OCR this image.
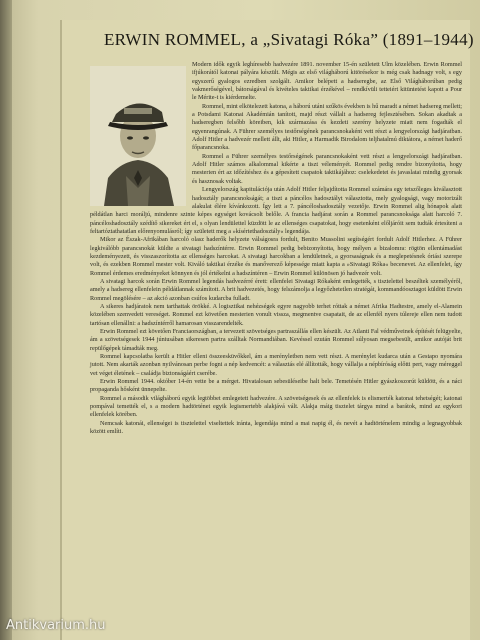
ERWIN ROMMEL, a „Sivatagi Róka” (1891–1944)

Modern idők egyik leghíresebb hadvezére 1891. november 15-én született Ulm közelében. Erwin Rommel ifjúkorától katonai pályára készült. Mégis az első világháború kitörésekor is még csak hadnagy volt, s egy egyszerű gyalogos ezredben szolgált. Amikor belépett a hadseregbe, az Első Világháborúban pedig vakmerőségével, bátorságával és kivételes taktikai érzékével – rendkívüli tetteiért kitüntetést kapott a Pour le Mérite-t is kiérdemelte.

Rommel, mint elkötelezett katona, a háború utáni szűkös években is hű maradt a német hadsereg mellett; a Potsdami Katonai Akadémián tanított, majd részt vállalt a hadsereg fejlesztésében. Sokan akadtak a hadseregben felsőbb köreiben, kik származása és kezdeti szerény helyzete miatt nem fogadták el egyenrangúnak. A Führer személyes testőrségének parancsnokaként vett részt a lengyelországi hadjáratban. Adolf Hitler a hadvezér mellett állt, aki Hitler, a Harmadik Birodalom teljhatalmú diktátora, a német haderő főparancsnoka.

Rommel a Führer személyes testőrségének parancsnokaként vett részt a lengyelországi hadjáratban. Adolf Hitler számos alkalommal kikérte a tiszt véleményét. Rommel pedig rendre bizonyította, hogy mesterien ért az időzítéshez és a gépesített csapatok taktikájához: cselekedetei és javaslatai mindig gyorsak és hasznosak voltak.

Lengyelország kapitulációja után Adolf Hitler feljajdította Rommel számára egy tetszőleges kiválasztott hadosztály parancsnokságát; a tiszt a páncélos hadosztályt választotta, mely gyalogsági, vagy motorizált alakulat élére kívánkozott. Így lett a 7. páncéloshadosztály vezetője. Erwin Rommel alig hónapok alatt példátlan harci moráljú, mindenre szinte képes egységet kovácsolt belőle. A francia hadjárat során a Rommel parancsnoksága alatt harcoló 7. páncéloshadosztály szédítő sikereket ért el, s olyan lendülettel küzdött le az ellenséges csapatokat, hogy esetenként előljáróit sem tudták értesíteni a feltartóztathatatlan előrenyomulásról; így született meg a »kísértethadosztály« legendája.

Mikor az Észak-Afrikában harcoló olasz haderők helyzete válságosra fordult, Benito Mussolini segítségért fordult Adolf Hitlerhez. A Führer legkiválóbb parancsnokát küldte a sivatagi hadszíntérre. Erwin Rommel pedig bebizonyította, hogy mélyen a bizalomra: rögtön ellentámadást kezdeményezett, és visszaszorította az ellenséges harcokat. A sivatagi harcokban a lendületnek, a gyorsaságnak és a meglepetésnek óriási szerepe volt, és ezekben Rommel mester volt. Kiváló taktikai érzéke és manőverező képessége miatt kapta a »Sivatagi Róka« becenevet. Az ellenfelet, így Rommel érdemes eredményeket könnyen és jól értékelni a hadszíntéren – Erwin Rommel különösen jó hadvezér volt.

A sivatagi harcok során Erwin Rommel legendás hadvezérré érett: ellenfelei Sivatagi Rókaként emlegették, s tisztelettel beszéltek személyéről, amely a hadsereg ellenfelein példátlannak számított. A brit hadvezetés, hogy felszámolja a legyőzhetetlen stratégát, kommandóosztagot küldött Erwin Rommel megölésére – az akció azonban csúfos kudarcba fulladt.

A sikeres hadjáratok nem tarthattak örökké. A logisztikai nehézségek egyre nagyobb terhet róttak a német Afrika Hadtestre, amely el-Alamein közelében szenvedett vereséget. Rommel ezt követően mesterien vonult vissza, megmentve csapatait, de az ellenfél nyers túlereje ellen nem tudott tartósan ellenállni: a hadszíntérről hamarosan visszarendelték.

Erwin Rommel ezt követően Franciaországban, a tervezett szövetséges partraszállás ellen készült. Az Atlanti Fal védműveinek építését felügyelte, ám a szövetségesek 1944 júniusában sikeresen partra szálltak Normandiában. Kevéssel ezután Rommel súlyosan megsebesült, amikor autóját brit repülőgépek támadták meg.

Rommel kapcsolatba került a Hitler elleni összeesküvőkkel, ám a merényletben nem vett részt. A merénylet kudarca után a Gestapo nyomára jutott. Nem akarták azonban nyilvánosan perbe fogni a nép kedvencét: a választás elé állították, hogy vállalja a népbíróság előtti pert, vagy méreggel vet véget életének – családja biztonságáért cserébe.

Erwin Rommel 1944. október 14-én vette be a mérget. Hivatalosan sebesüléseibe halt bele. Temetésén Hitler gyászkoszorút küldött, és a náci propaganda hősként ünnepelte.

Rommel a második világháború egyik legtöbbet emlegetett hadvezére. A szövetségesek és az ellenfelek is elismerték katonai tehetségét; katonai pompával temették el, s a modern hadtörténet egyik legismertebb alakjává vált. Alakja máig tisztelet tárgya mind a barátok, mind az egykori ellenfelek körében.

Nemcsak katonái, ellenségei is tisztelettel viseltettek iránta, legendája mind a mai napig él, és nevét a hadtörténelem mindig a legnagyobbak között említi.

Antikvarium.hu
